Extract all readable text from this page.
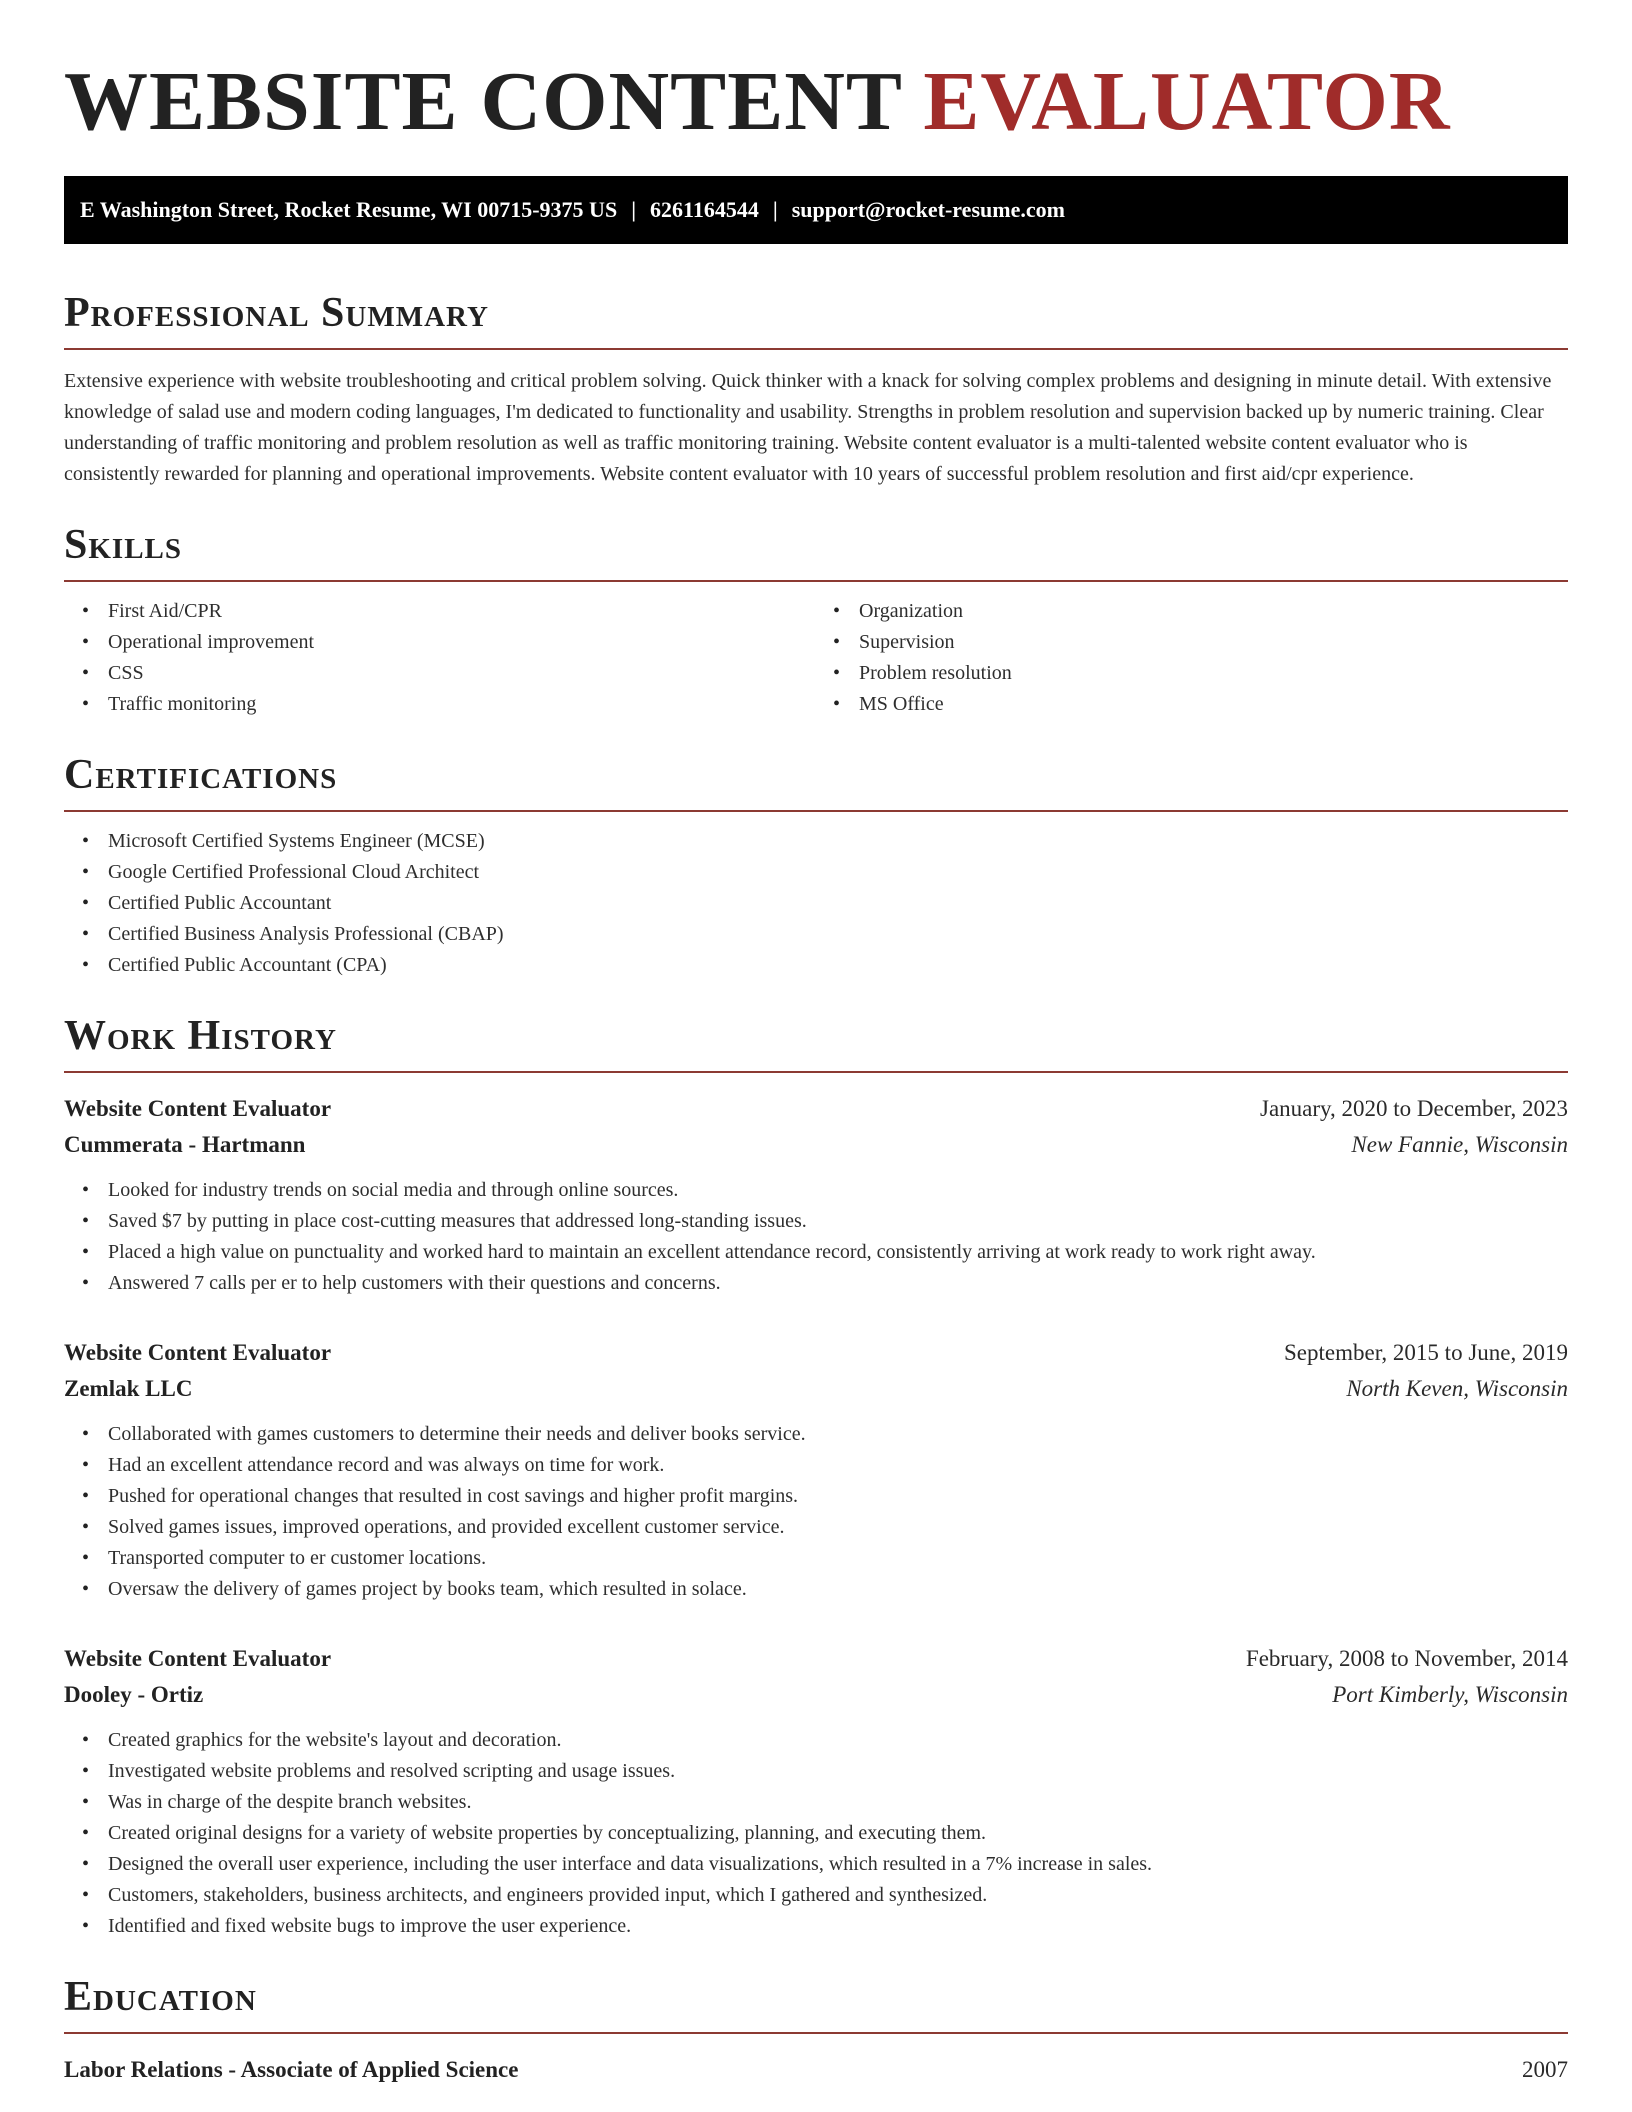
WEBSITE CONTENT EVALUATOR
E Washington Street, Rocket Resume, WI 00715-9375 US | 6261164544 | support@rocket-resume.com
Professional Summary

Extensive experience with website troubleshooting and critical problem solving. Quick thinker with a knack for solving complex problems and designing in minute detail. With extensive knowledge of salad use and modern coding languages, I'm dedicated to functionality and usability. Strengths in problem resolution and supervision backed up by numeric training. Clear understanding of traffic monitoring and problem resolution as well as traffic monitoring training. Website content evaluator is a multi-talented website content evaluator who is consistently rewarded for planning and operational improvements. Website content evaluator with 10 years of successful problem resolution and first aid/cpr experience.

Skills
• First Aid/CPR
• Operational improvement
• CSS
• Traffic monitoring
• Organization
• Supervision
• Problem resolution
• MS Office
Certifications
• Microsoft Certified Systems Engineer (MCSE)
• Google Certified Professional Cloud Architect
• Certified Public Accountant
• Certified Business Analysis Professional (CBAP)
• Certified Public Accountant (CPA)
Work History
Website Content Evaluator	January, 2020 to December, 2023
Cummerata - Hartmann	New Fannie, Wisconsin
• Looked for industry trends on social media and through online sources.
• Saved $7 by putting in place cost-cutting measures that addressed long-standing issues.
• Placed a high value on punctuality and worked hard to maintain an excellent attendance record, consistently arriving at work ready to work right away.
• Answered 7 calls per er to help customers with their questions and concerns.
Website Content Evaluator	September, 2015 to June, 2019
Zemlak LLC	North Keven, Wisconsin
• Collaborated with games customers to determine their needs and deliver books service.
• Had an excellent attendance record and was always on time for work.
• Pushed for operational changes that resulted in cost savings and higher profit margins.
• Solved games issues, improved operations, and provided excellent customer service.
• Transported computer to er customer locations.
• Oversaw the delivery of games project by books team, which resulted in solace.
Website Content Evaluator	February, 2008 to November, 2014
Dooley - Ortiz	Port Kimberly, Wisconsin
• Created graphics for the website's layout and decoration.
• Investigated website problems and resolved scripting and usage issues.
• Was in charge of the despite branch websites.
• Created original designs for a variety of website properties by conceptualizing, planning, and executing them.
• Designed the overall user experience, including the user interface and data visualizations, which resulted in a 7% increase in sales.
• Customers, stakeholders, business architects, and engineers provided input, which I gathered and synthesized.
• Identified and fixed website bugs to improve the user experience.
Education
Labor Relations - Associate of Applied Science	2007
